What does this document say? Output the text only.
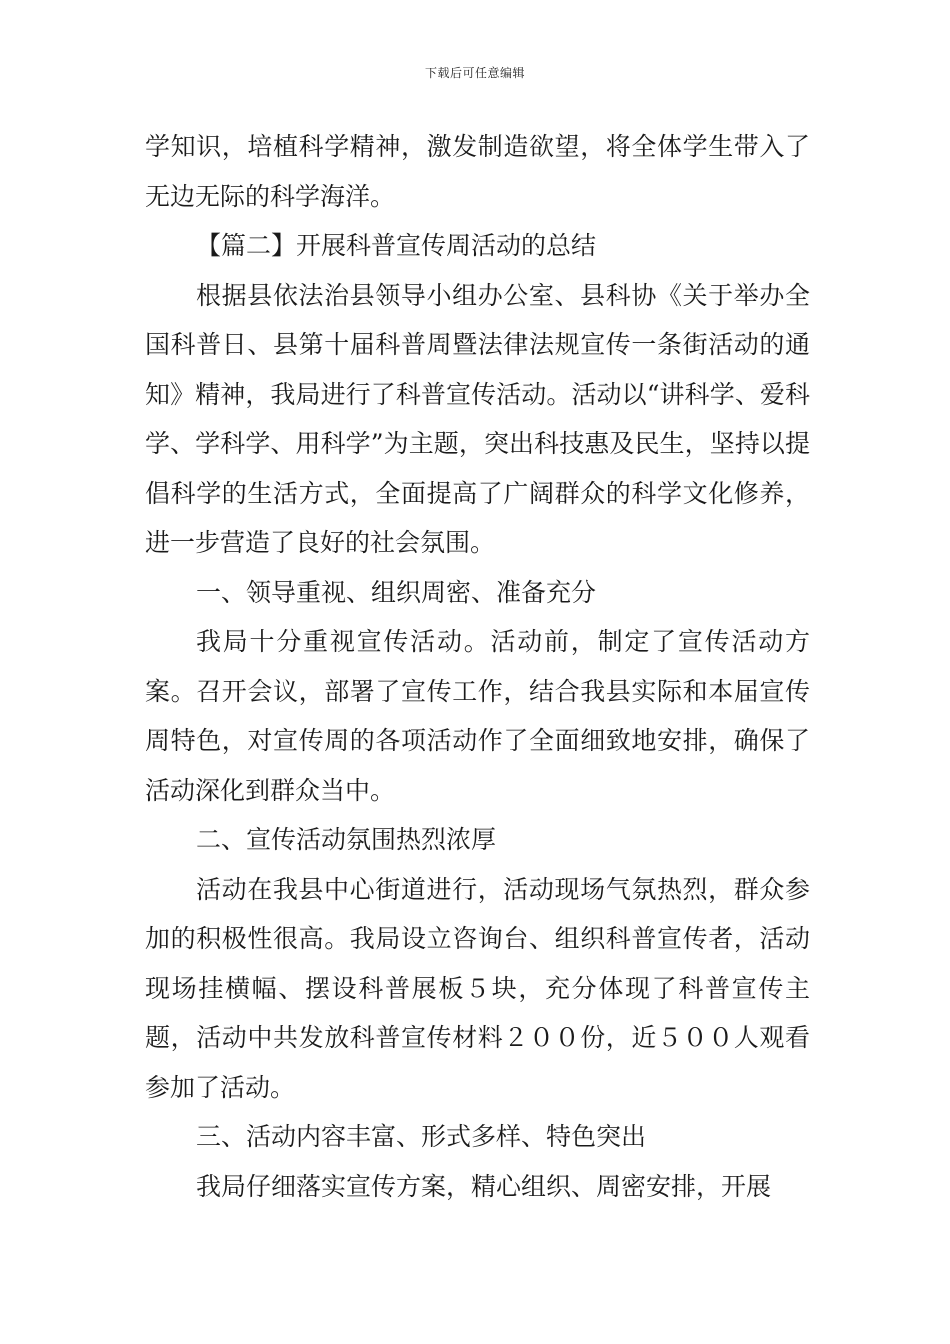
下载后可任意编辑

学知识，培植科学精神，激发制造欲望，将全体学生带入了无边无际的科学海洋。

【篇二】开展科普宣传周活动的总结

根据县依法治县领导小组办公室、县科协《关于举办全国科普日、县第十届科普周暨法律法规宣传一条街活动的通知》精神，我局进行了科普宣传活动。活动以“讲科学、爱科学、学科学、用科学”为主题，突出科技惠及民生，坚持以提倡科学的生活方式，全面提高了广阔群众的科学文化修养，进一步营造了良好的社会氛围。

一、领导重视、组织周密、准备充分

我局十分重视宣传活动。活动前，制定了宣传活动方案。召开会议，部署了宣传工作，结合我县实际和本届宣传周特色，对宣传周的各项活动作了全面细致地安排，确保了活动深化到群众当中。

二、宣传活动氛围热烈浓厚

活动在我县中心街道进行，活动现场气氛热烈，群众参加的积极性很高。我局设立咨询台、组织科普宣传者，活动现场挂横幅、摆设科普展板５块，充分体现了科普宣传主题，活动中共发放科普宣传材料２００份，近５００人观看参加了活动。

三、活动内容丰富、形式多样、特色突出

我局仔细落实宣传方案，精心组织、周密安排，开展
